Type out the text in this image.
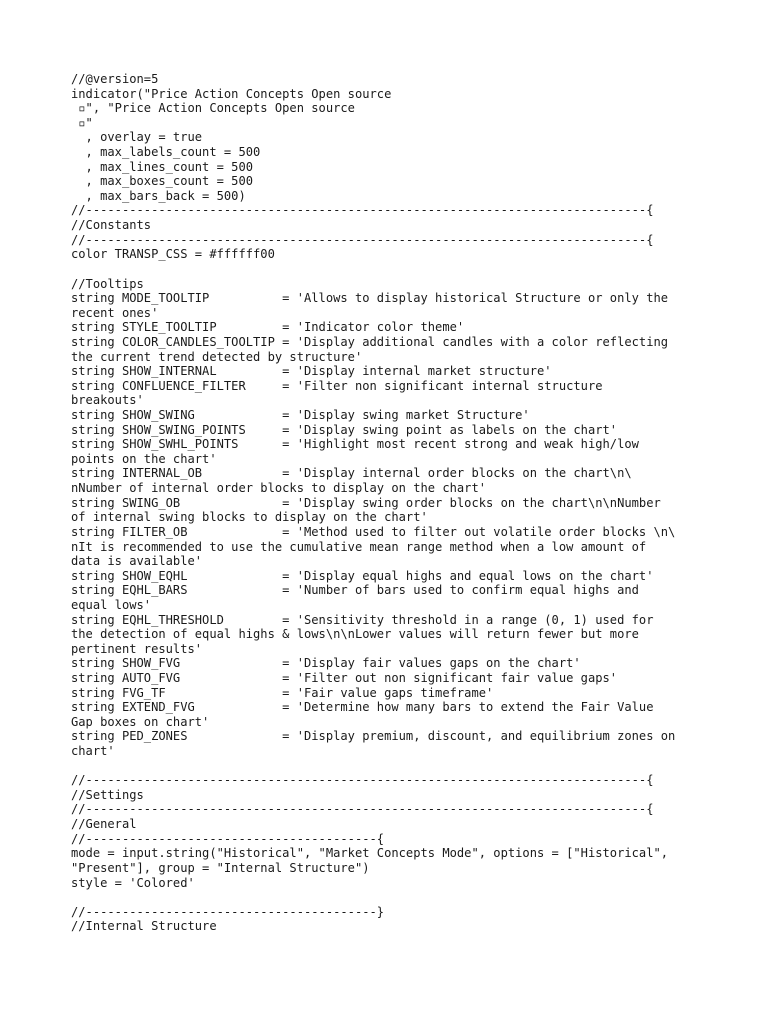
//@version=5
indicator("Price Action Concepts Open source
▫", "Price Action Concepts Open source
▫"
, overlay = true
, max_labels_count = 500
, max_lines_count = 500
, max_boxes_count = 500
, max_bars_back = 500)
//-----------------------------------------------------------------------------{
//Constants
//-----------------------------------------------------------------------------{
color TRANSP_CSS = #ffffff00
//Tooltips
string MODE_TOOLTIP          = 'Allows to display historical Structure or only the
recent ones'
string STYLE_TOOLTIP         = 'Indicator color theme'
string COLOR_CANDLES_TOOLTIP = 'Display additional candles with a color reflecting
the current trend detected by structure'
string SHOW_INTERNAL         = 'Display internal market structure'
string CONFLUENCE_FILTER     = 'Filter non significant internal structure
breakouts'
string SHOW_SWING            = 'Display swing market Structure'
string SHOW_SWING_POINTS     = 'Display swing point as labels on the chart'
string SHOW_SWHL_POINTS      = 'Highlight most recent strong and weak high/low
points on the chart'
string INTERNAL_OB           = 'Display internal order blocks on the chart\n\
nNumber of internal order blocks to display on the chart'
string SWING_OB              = 'Display swing order blocks on the chart\n\nNumber
of internal swing blocks to display on the chart'
string FILTER_OB             = 'Method used to filter out volatile order blocks \n\
nIt is recommended to use the cumulative mean range method when a low amount of
data is available'
string SHOW_EQHL             = 'Display equal highs and equal lows on the chart'
string EQHL_BARS             = 'Number of bars used to confirm equal highs and
equal lows'
string EQHL_THRESHOLD        = 'Sensitivity threshold in a range (0, 1) used for
the detection of equal highs & lows\n\nLower values will return fewer but more
pertinent results'
string SHOW_FVG              = 'Display fair values gaps on the chart'
string AUTO_FVG              = 'Filter out non significant fair value gaps'
string FVG_TF                = 'Fair value gaps timeframe'
string EXTEND_FVG            = 'Determine how many bars to extend the Fair Value
Gap boxes on chart'
string PED_ZONES             = 'Display premium, discount, and equilibrium zones on
chart'
//-----------------------------------------------------------------------------{
//Settings
//-----------------------------------------------------------------------------{
//General
//----------------------------------------{
mode = input.string("Historical", "Market Concepts Mode", options = ["Historical",
"Present"], group = "Internal Structure")
style = 'Colored'
//----------------------------------------}
//Internal Structure
